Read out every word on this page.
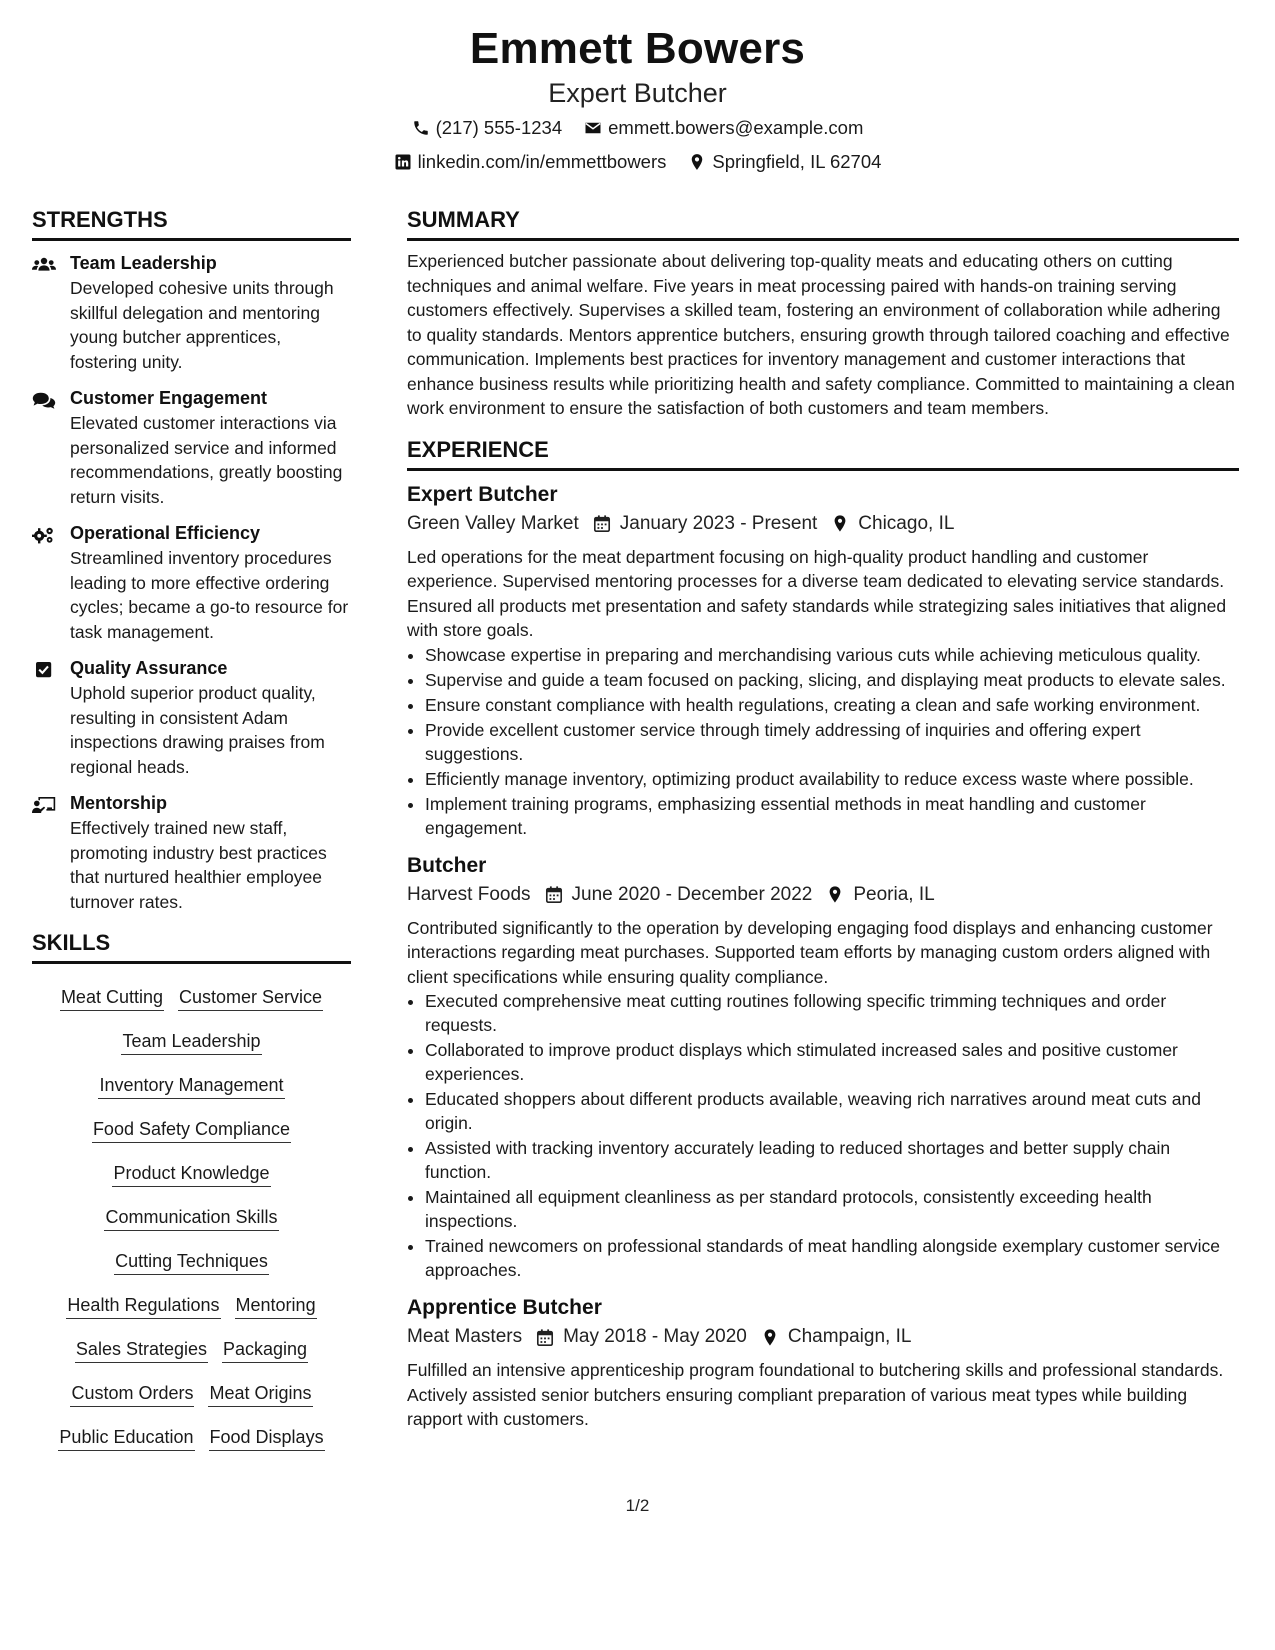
Emmett Bowers
Expert Butcher
(217) 555-1234 emmett.bowers@example.com
linkedin.com/in/emmettbowers Springfield, IL 62704
STRENGTHS
Team Leadership
Developed cohesive units through skillful delegation and mentoring young butcher apprentices, fostering unity.
Customer Engagement
Elevated customer interactions via personalized service and informed recommendations, greatly boosting return visits.
Operational Efficiency
Streamlined inventory procedures leading to more effective ordering cycles; became a go-to resource for task management.
Quality Assurance
Uphold superior product quality, resulting in consistent Adam inspections drawing praises from regional heads.
Mentorship
Effectively trained new staff, promoting industry best practices that nurtured healthier employee turnover rates.
SKILLS
Meat Cutting Customer Service
Team Leadership
Inventory Management
Food Safety Compliance
Product Knowledge
Communication Skills
Cutting Techniques
Health Regulations Mentoring
Sales Strategies Packaging
Custom Orders Meat Origins
Public Education Food Displays
SUMMARY
Experienced butcher passionate about delivering top-quality meats and educating others on cutting techniques and animal welfare. Five years in meat processing paired with hands-on training serving customers effectively. Supervises a skilled team, fostering an environment of collaboration while adhering to quality standards. Mentors apprentice butchers, ensuring growth through tailored coaching and effective communication. Implements best practices for inventory management and customer interactions that enhance business results while prioritizing health and safety compliance. Committed to maintaining a clean work environment to ensure the satisfaction of both customers and team members.
EXPERIENCE
Expert Butcher
Green Valley Market January 2023 - Present Chicago, IL
Led operations for the meat department focusing on high-quality product handling and customer experience. Supervised mentoring processes for a diverse team dedicated to elevating service standards. Ensured all products met presentation and safety standards while strategizing sales initiatives that aligned with store goals.
• Showcase expertise in preparing and merchandising various cuts while achieving meticulous quality.
• Supervise and guide a team focused on packing, slicing, and displaying meat products to elevate sales.
• Ensure constant compliance with health regulations, creating a clean and safe working environment.
• Provide excellent customer service through timely addressing of inquiries and offering expert suggestions.
• Efficiently manage inventory, optimizing product availability to reduce excess waste where possible.
• Implement training programs, emphasizing essential methods in meat handling and customer engagement.
Butcher
Harvest Foods June 2020 - December 2022 Peoria, IL
Contributed significantly to the operation by developing engaging food displays and enhancing customer interactions regarding meat purchases. Supported team efforts by managing custom orders aligned with client specifications while ensuring quality compliance.
• Executed comprehensive meat cutting routines following specific trimming techniques and order requests.
• Collaborated to improve product displays which stimulated increased sales and positive customer experiences.
• Educated shoppers about different products available, weaving rich narratives around meat cuts and origin.
• Assisted with tracking inventory accurately leading to reduced shortages and better supply chain function.
• Maintained all equipment cleanliness as per standard protocols, consistently exceeding health inspections.
• Trained newcomers on professional standards of meat handling alongside exemplary customer service approaches.
Apprentice Butcher
Meat Masters May 2018 - May 2020 Champaign, IL
Fulfilled an intensive apprenticeship program foundational to butchering skills and professional standards. Actively assisted senior butchers ensuring compliant preparation of various meat types while building rapport with customers.
1/2
